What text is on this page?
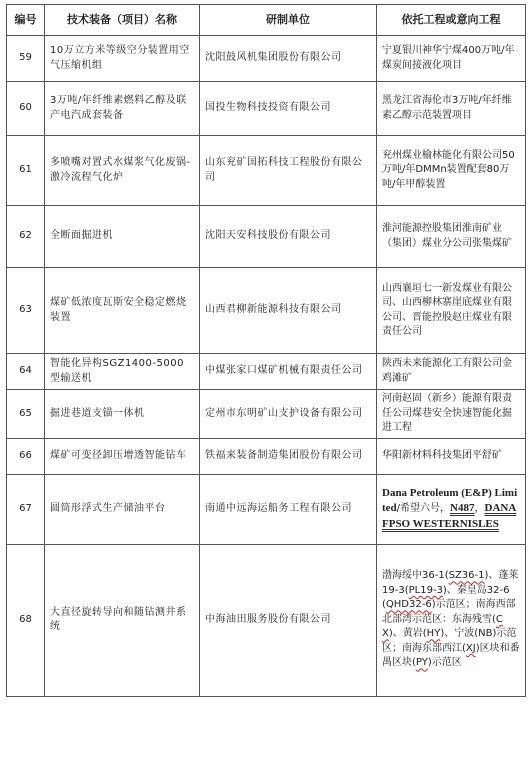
编号	技术装备（项目）名称	研制单位	依托工程或意向工程
59	10万立方米等级空分装置用空气压缩机组	沈阳鼓风机集团股份有限公司	宁夏银川神华宁煤400万吨/年煤炭间接液化项目
60	3万吨/年纤维素燃料乙醇及联产电汽成套装备	国投生物科技投资有限公司	黑龙江省海伦市3万吨/年纤维素乙醇示范装置项目
61	多喷嘴对置式水煤浆气化废锅-激冷流程气化炉	山东兖矿国拓科技工程股份有限公司	兖州煤业榆林能化有限公司50万吨/年DMMn装置配套80万吨/年甲醇装置
62	全断面掘进机	沈阳天安科技股份有限公司	淮河能源控股集团淮南矿业（集团）煤业分公司张集煤矿
63	煤矿低浓度瓦斯安全稳定燃烧装置	山西君柳新能源科技有限公司	山西襄垣七一新发煤业有限公司、山西柳林寨崖底煤业有限公司、晋能控股赵庄煤业有限责任公司
64	智能化异构SGZ1400-5000型输送机	中煤张家口煤矿机械有限责任公司	陕西未来能源化工有限公司金鸡滩矿
65	掘进巷道支锚一体机	定州市东明矿山支护设备有限公司	河南赵固（新乡）能源有限责任公司煤巷安全快速智能化掘进工程
66	煤矿可变径卸压增透智能钻车	铁福来装备制造集团股份有限公司	华阳新材料科技集团平舒矿
67	圆筒形浮式生产储油平台	南通中远海运船务工程有限公司	Dana Petroleum (E&P) Limited/希望六号，N487，DANA FPSO WESTERNISLES
68	大直径旋转导向和随钻测井系统	中海油田服务股份有限公司	渤海绥中36-1(SZ36-1)、蓬莱19-3(PL19-3)、秦皇岛32-6(QHD32-6)示范区；南海西部北部湾示范区：东海残雪(CX)、黄岩(HY)、宁波(NB)示范区；南海东部西江(XJ)区块和番禺区块(PY)示范区
